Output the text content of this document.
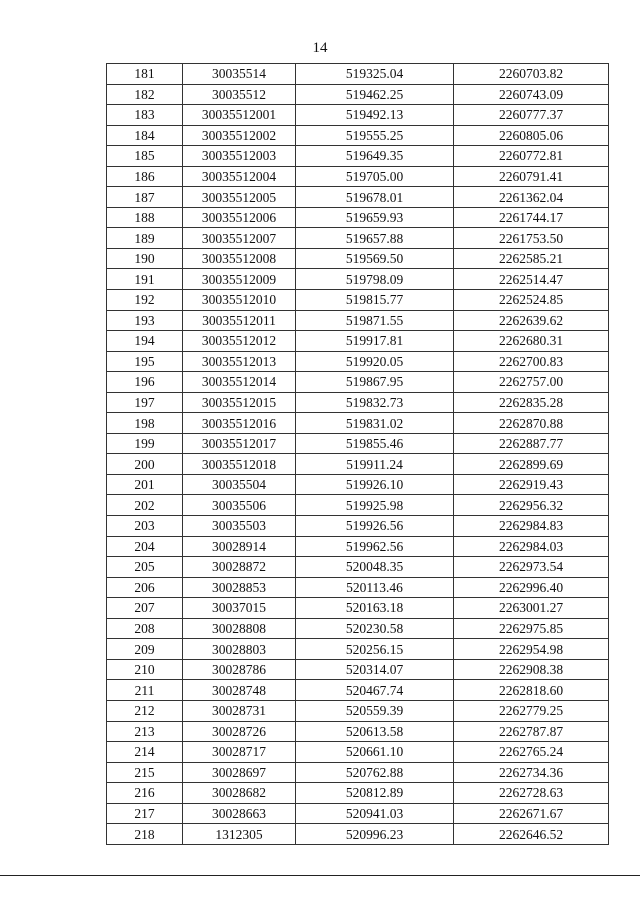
14
181	30035514	519325.04	2260703.82
182	30035512	519462.25	2260743.09
183	30035512001	519492.13	2260777.37
184	30035512002	519555.25	2260805.06
185	30035512003	519649.35	2260772.81
186	30035512004	519705.00	2260791.41
187	30035512005	519678.01	2261362.04
188	30035512006	519659.93	2261744.17
189	30035512007	519657.88	2261753.50
190	30035512008	519569.50	2262585.21
191	30035512009	519798.09	2262514.47
192	30035512010	519815.77	2262524.85
193	30035512011	519871.55	2262639.62
194	30035512012	519917.81	2262680.31
195	30035512013	519920.05	2262700.83
196	30035512014	519867.95	2262757.00
197	30035512015	519832.73	2262835.28
198	30035512016	519831.02	2262870.88
199	30035512017	519855.46	2262887.77
200	30035512018	519911.24	2262899.69
201	30035504	519926.10	2262919.43
202	30035506	519925.98	2262956.32
203	30035503	519926.56	2262984.83
204	30028914	519962.56	2262984.03
205	30028872	520048.35	2262973.54
206	30028853	520113.46	2262996.40
207	30037015	520163.18	2263001.27
208	30028808	520230.58	2262975.85
209	30028803	520256.15	2262954.98
210	30028786	520314.07	2262908.38
211	30028748	520467.74	2262818.60
212	30028731	520559.39	2262779.25
213	30028726	520613.58	2262787.87
214	30028717	520661.10	2262765.24
215	30028697	520762.88	2262734.36
216	30028682	520812.89	2262728.63
217	30028663	520941.03	2262671.67
218	1312305	520996.23	2262646.52
